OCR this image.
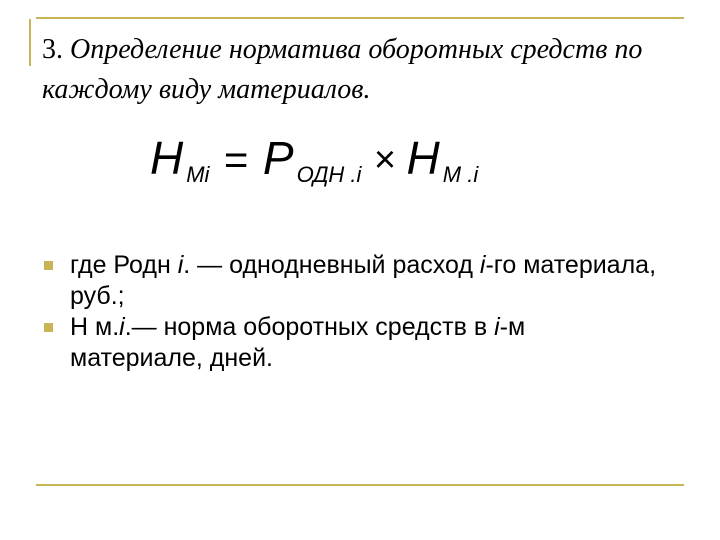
3. Определение норматива оборотных средств по каждому виду материалов.
H Mi = P ОДН .i × H M .i
где Родн i. — однодневный расход i-го материала, руб.;
Н м.i.— норма оборотных средств в i-м материале, дней.
